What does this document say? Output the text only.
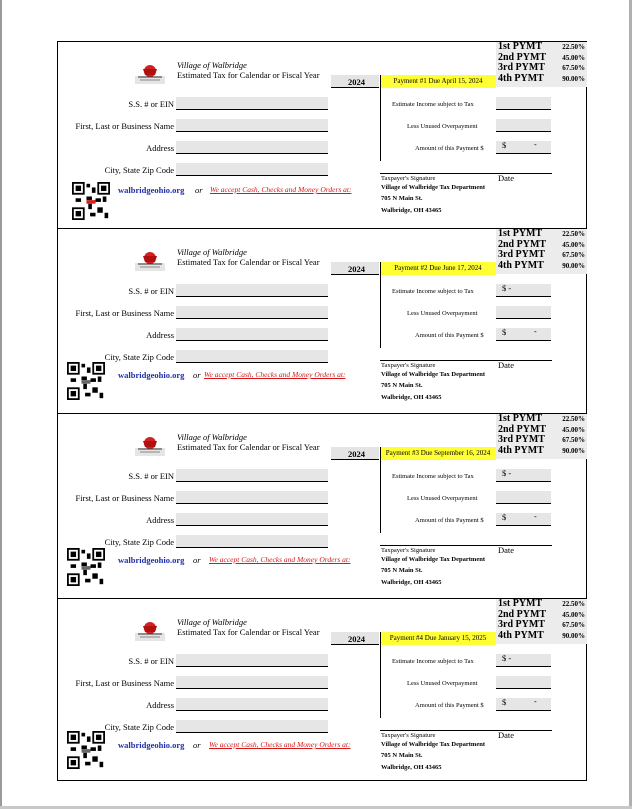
1st PYMT	22.50%
2nd PYMT 45.00%
3rd PYMT 67.50%
4th PYMT	90.00%
Village of Walbridge
Estimated Tax for Calendar or Fiscal Year
2024	Payment #1 Due April 15, 2024
S.S. # or EIN
First, Last or Business Name
Address
City, State Zip Code
Estimate Income subject to Tax
Less Unused Overpayment
Amount of this Payment $ $	-
Taxpayer's Signature	Date
Village of Walbridge Tax Department
705 N Main St.
Walbridge, OH 43465
walbridgeohio.org or We accept Cash, Checks and Money Orders at:
1st PYMT	22.50%
2nd PYMT 45.00%
3rd PYMT 67.50%
4th PYMT	90.00%
Village of Walbridge
Estimated Tax for Calendar or Fiscal Year
2024	Payment #2 Due June 17, 2024
S.S. # or EIN
First, Last or Business Name
Address
City, State Zip Code
Estimate Income subject to Tax	$ -
Less Unused Overpayment
Amount of this Payment $ $	-
Taxpayer's Signature	Date
Village of Walbridge Tax Department
705 N Main St.
Walbridge, OH 43465
walbridgeohio.org or We accept Cash, Checks and Money Orders at:
1st PYMT	22.50%
2nd PYMT 45.00%
3rd PYMT 67.50%
4th PYMT	90.00%
Village of Walbridge
Estimated Tax for Calendar or Fiscal Year
2024	Payment #3 Due September 16, 2024
S.S. # or EIN
First, Last or Business Name
Address
City, State Zip Code
Estimate Income subject to Tax	$ -
Less Unused Overpayment
Amount of this Payment $ $	-
Taxpayer's Signature	Date
Village of Walbridge Tax Department
705 N Main St.
Walbridge, OH 43465
walbridgeohio.org or We accept Cash, Checks and Money Orders at:
1st PYMT	22.50%
2nd PYMT 45.00%
3rd PYMT 67.50%
4th PYMT	90.00%
Village of Walbridge
Estimated Tax for Calendar or Fiscal Year
2024	Payment #4 Due January 15, 2025
S.S. # or EIN
First, Last or Business Name
Address
City, State Zip Code
Estimate Income subject to Tax	$ -
Less Unused Overpayment
Amount of this Payment $ $	-
Taxpayer's Signature	Date
Village of Walbridge Tax Department
705 N Main St.
Walbridge, OH 43465
walbridgeohio.org or We accept Cash, Checks and Money Orders at:
